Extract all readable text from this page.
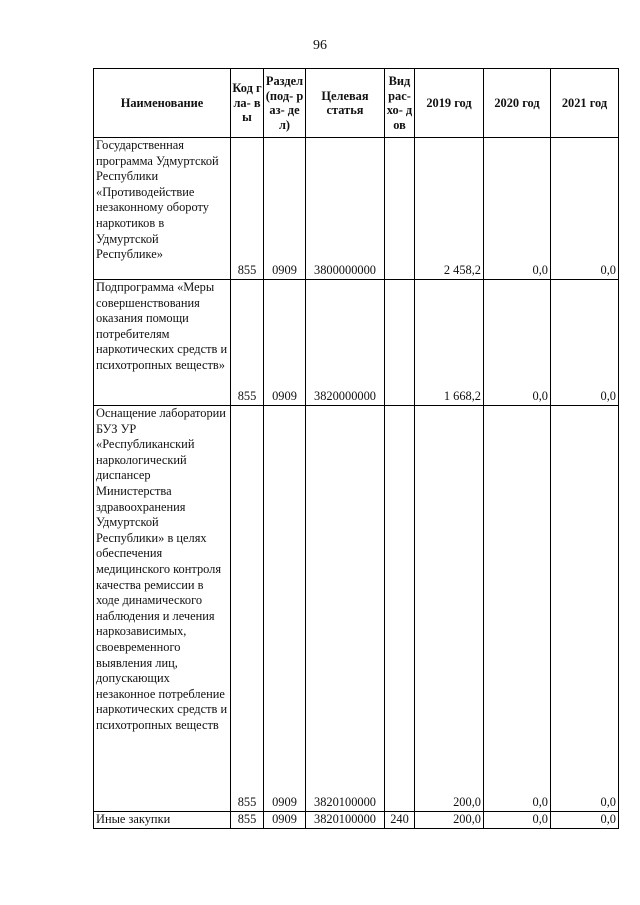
96
Наименование	Код гла- вы	Раздел (под- раз- дел)	Целевая статья	Вид рас- хо- дов	2019 год	2020 год	2021 год
Государственная программа Удмуртской Республики «Противодействие незаконному обороту наркотиков в Удмуртской Республике»	855	0909	3800000000		2 458,2	0,0	0,0
Подпрограмма «Меры совершенствования оказания помощи потребителям наркотических средств и психотропных веществ»	855	0909	3820000000		1 668,2	0,0	0,0
Оснащение лаборатории БУЗ УР «Республиканский наркологический диспансер Министерства здравоохранения Удмуртской Республики» в целях обеспечения медицинского контроля качества ремиссии в ходе динамического наблюдения и лечения наркозависимых, своевременного выявления лиц, допускающих незаконное потребление наркотических средств и психотропных веществ	855	0909	3820100000		200,0	0,0	0,0
Иные закупки	855	0909	3820100000	240	200,0	0,0	0,0
